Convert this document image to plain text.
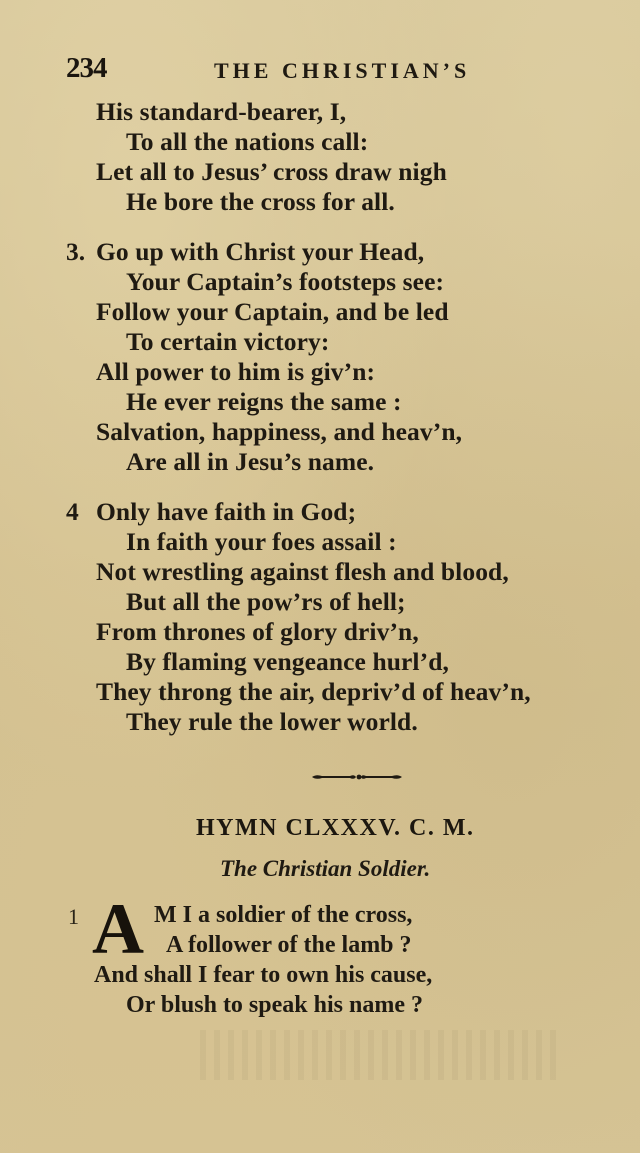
234	THE CHRISTIAN’S
His standard-bearer, I,
To all the nations call:
Let all to Jesus’ cross draw nigh
He bore the cross for all.
3. Go up with Christ your Head,
Your Captain’s footsteps see:
Follow your Captain, and be led
To certain victory:
All power to him is giv’n:
He ever reigns the same :
Salvation, happiness, and heav’n,
Are all in Jesu’s name.
4 Only have faith in God;
In faith your foes assail :
Not wrestling against flesh and blood,
But all the pow’rs of hell;
From thrones of glory driv’n,
By flaming vengeance hurl’d,
They throng the air, depriv’d of heav’n,
They rule the lower world.
HYMN CLXXXV. C. M.
The Christian Soldier.
1 A M I a soldier of the cross,
A follower of the lamb ?
And shall I fear to own his cause,
Or blush to speak his name ?
